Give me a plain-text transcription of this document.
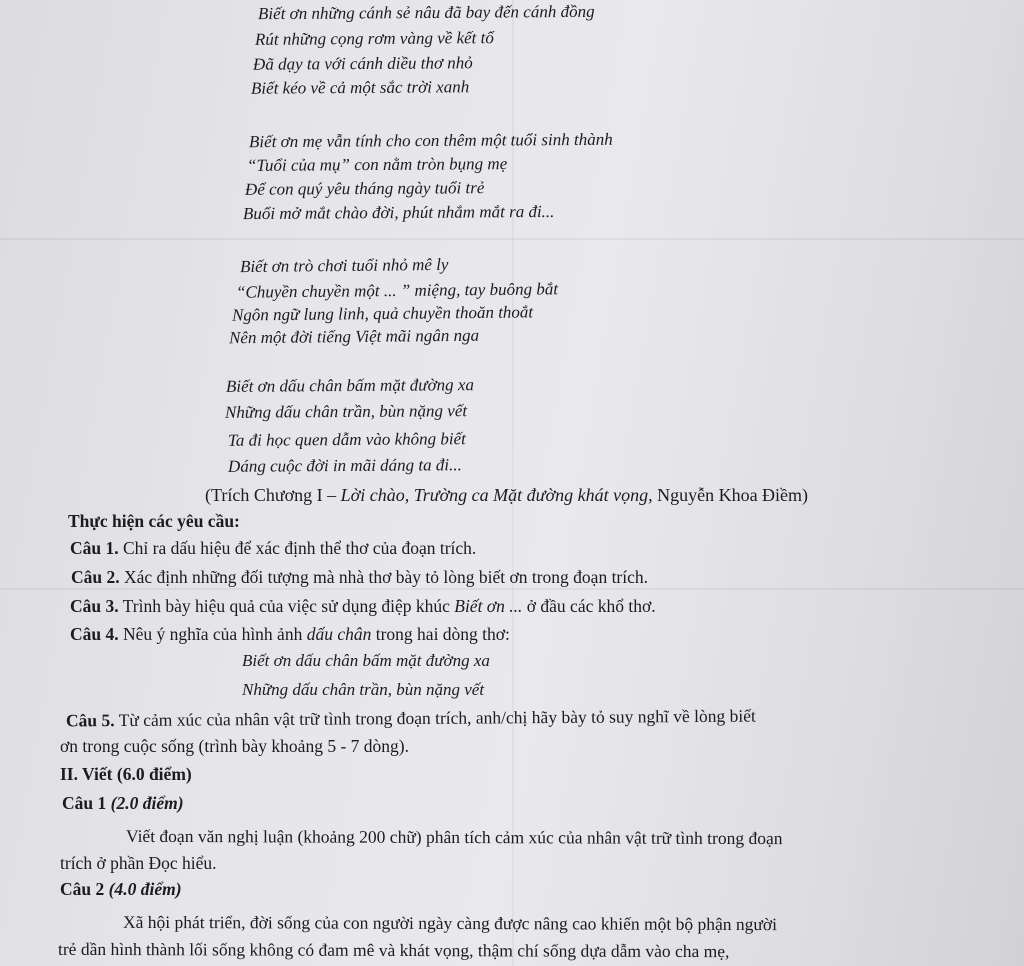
Biết ơn những cánh sẻ nâu đã bay đến cánh đồng
Rút những cọng rơm vàng về kết tổ
Đã dạy ta với cánh diều thơ nhỏ
Biết kéo về cả một sắc trời xanh
Biết ơn mẹ vẫn tính cho con thêm một tuổi sinh thành
“Tuổi của mụ” con nằm tròn bụng mẹ
Để con quý yêu tháng ngày tuổi trẻ
Buổi mở mắt chào đời, phút nhắm mắt ra đi...
Biết ơn trò chơi tuổi nhỏ mê ly
“Chuyền chuyền một ... ” miệng, tay buông bắt
Ngôn ngữ lung linh, quả chuyền thoăn thoắt
Nên một đời tiếng Việt mãi ngân nga
Biết ơn dấu chân bấm mặt đường xa
Những dấu chân trần, bùn nặng vết
Ta đi học quen dẫm vào không biết
Dáng cuộc đời in mãi dáng ta đi...
(Trích Chương I – Lời chào, Trường ca Mặt đường khát vọng, Nguyễn Khoa Điềm)
Thực hiện các yêu cầu:
Câu 1. Chỉ ra dấu hiệu để xác định thể thơ của đoạn trích.
Câu 2. Xác định những đối tượng mà nhà thơ bày tỏ lòng biết ơn trong đoạn trích.
Câu 3. Trình bày hiệu quả của việc sử dụng điệp khúc Biết ơn ... ở đầu các khổ thơ.
Câu 4. Nêu ý nghĩa của hình ảnh dấu chân trong hai dòng thơ:
Biết ơn dấu chân bấm mặt đường xa
Những dấu chân trần, bùn nặng vết
Câu 5. Từ cảm xúc của nhân vật trữ tình trong đoạn trích, anh/chị hãy bày tỏ suy nghĩ về lòng biết
ơn trong cuộc sống (trình bày khoảng 5 - 7 dòng).
II. Viết (6.0 điểm)
Câu 1 (2.0 điểm)
Viết đoạn văn nghị luận (khoảng 200 chữ) phân tích cảm xúc của nhân vật trữ tình trong đoạn
trích ở phần Đọc hiểu.
Câu 2 (4.0 điểm)
Xã hội phát triển, đời sống của con người ngày càng được nâng cao khiến một bộ phận người
trẻ dần hình thành lối sống không có đam mê và khát vọng, thậm chí sống dựa dẫm vào cha mẹ,
